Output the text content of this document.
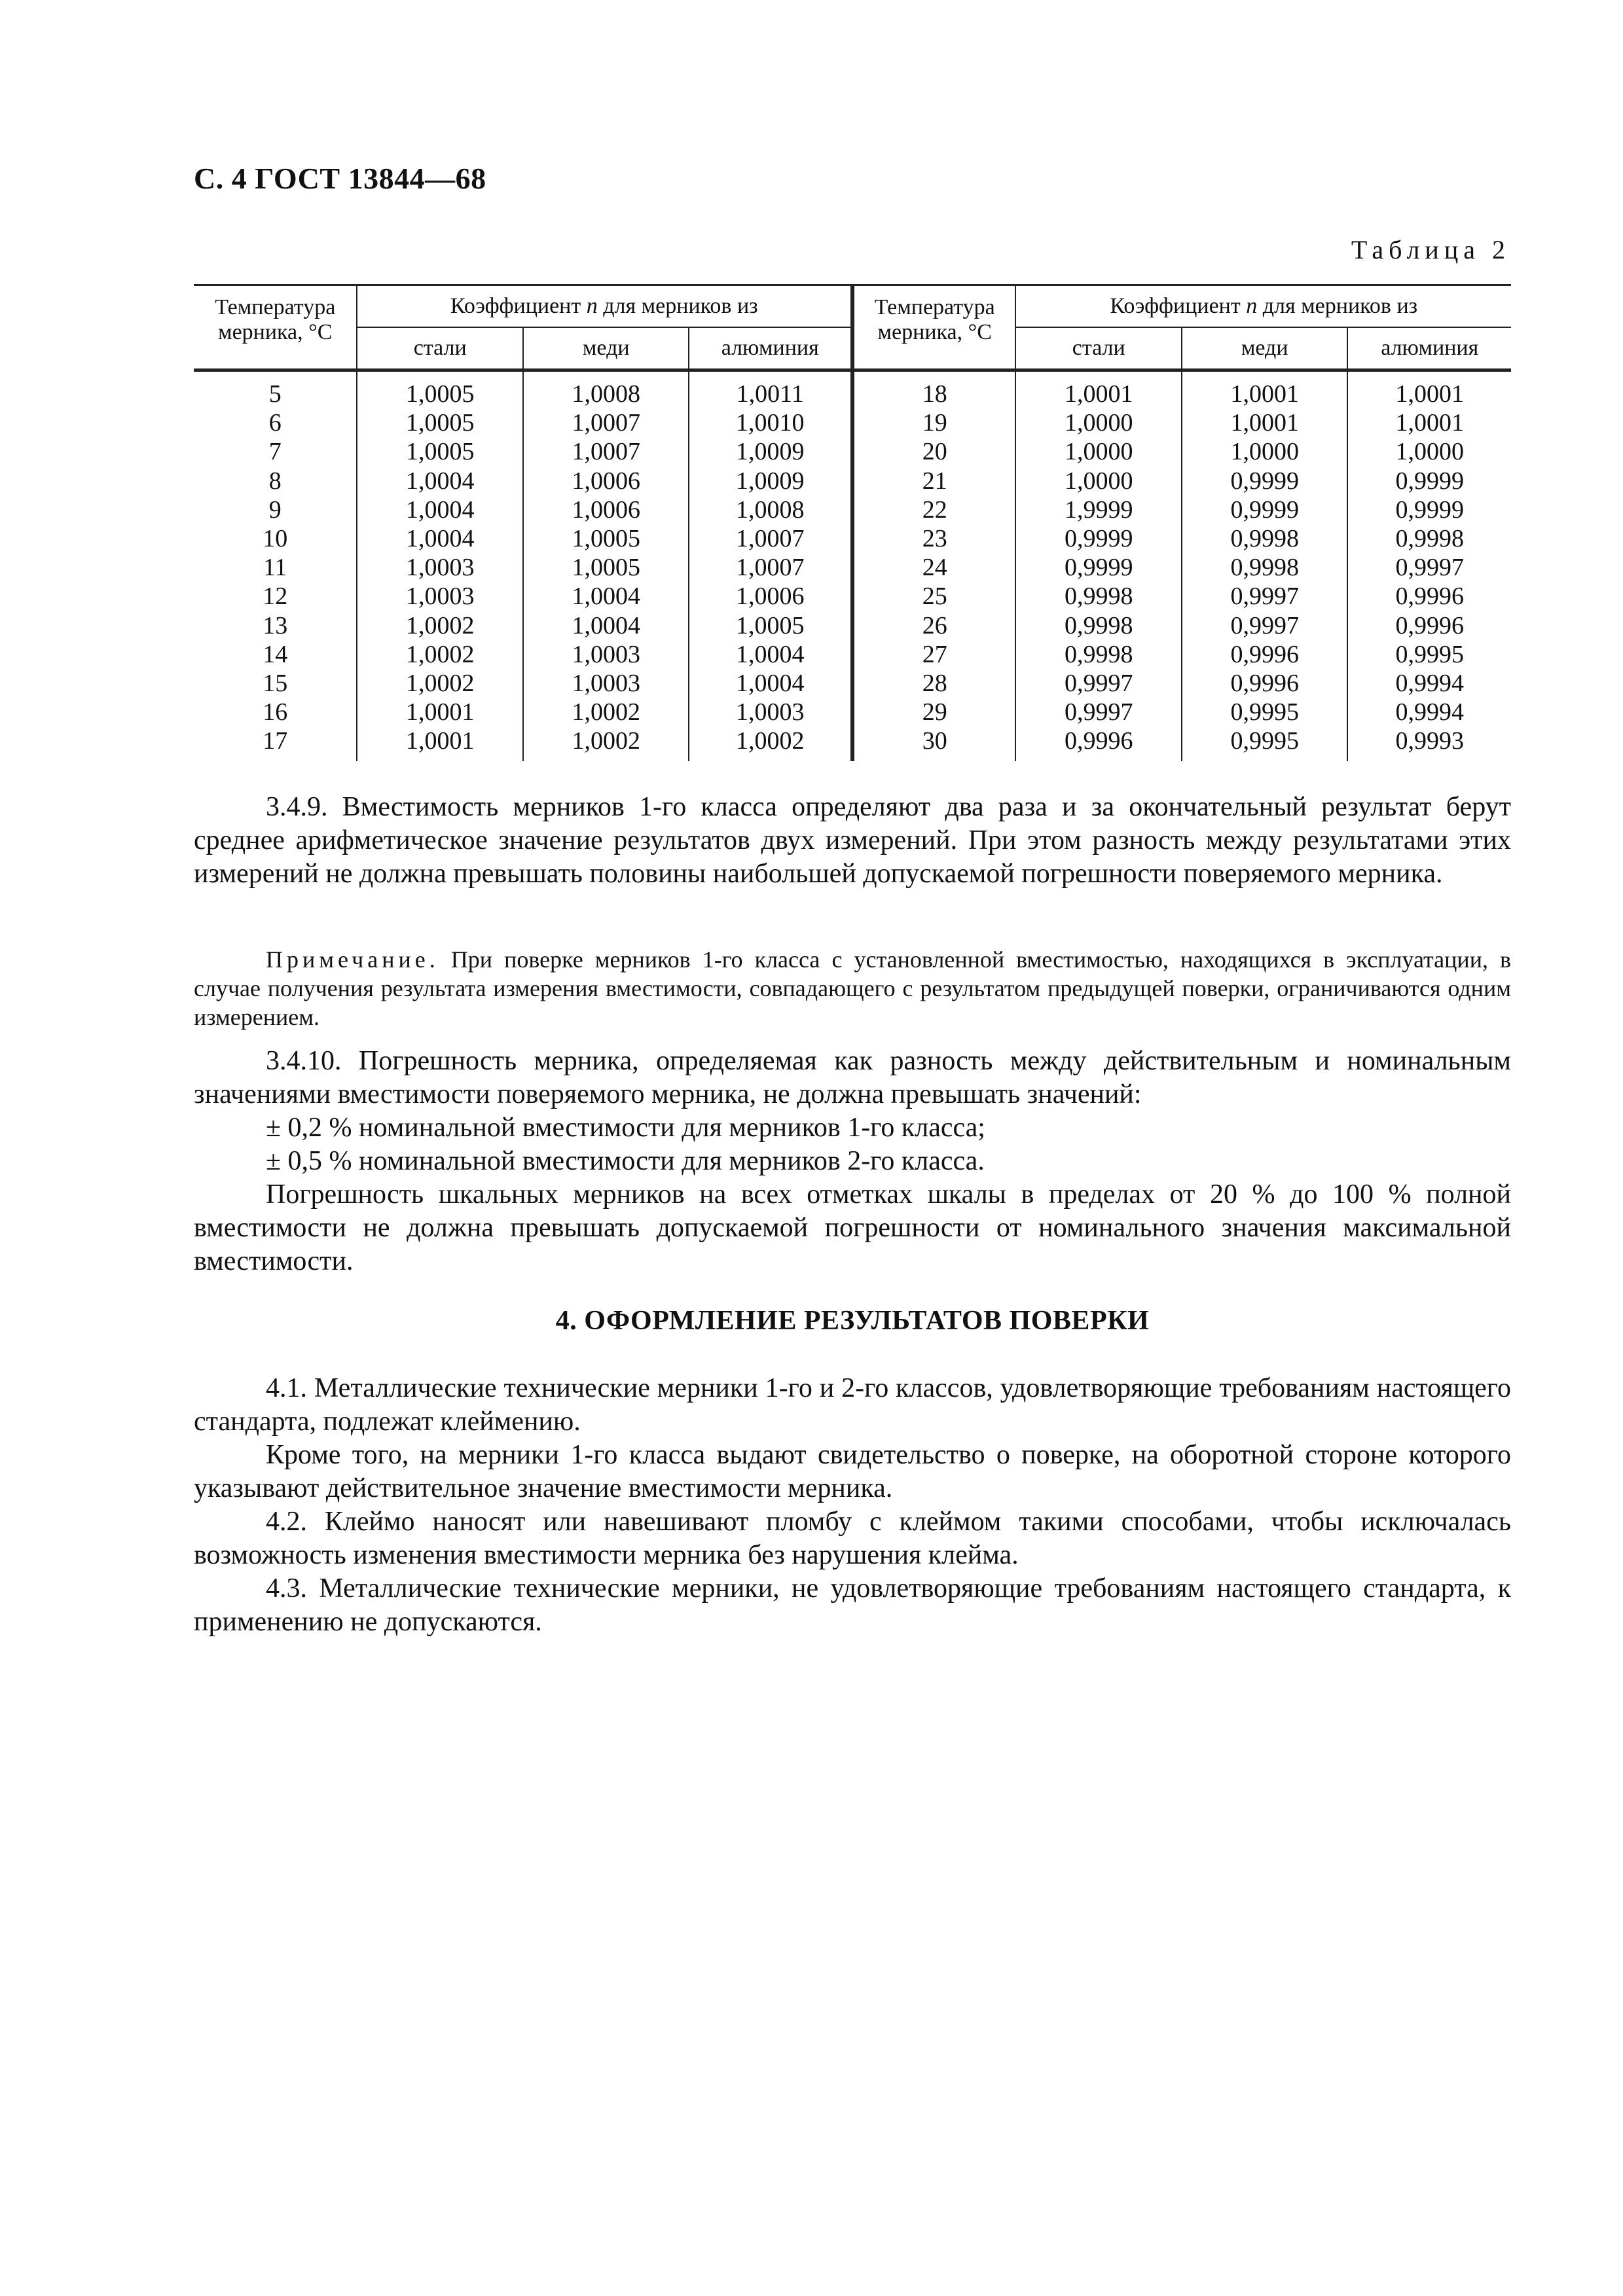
С. 4 ГОСТ 13844—68
Таблица 2
Температура мерника, °С	Коэффициент n для мерников из			Температура мерника, °С	Коэффициент n для мерников из		
	стали	меди	алюминия		стали	меди	алюминия
5	1,0005	1,0008	1,0011	18	1,0001	1,0001	1,0001
6	1,0005	1,0007	1,0010	19	1,0000	1,0001	1,0001
7	1,0005	1,0007	1,0009	20	1,0000	1,0000	1,0000
8	1,0004	1,0006	1,0009	21	1,0000	0,9999	0,9999
9	1,0004	1,0006	1,0008	22	1,9999	0,9999	0,9999
10	1,0004	1,0005	1,0007	23	0,9999	0,9998	0,9998
11	1,0003	1,0005	1,0007	24	0,9999	0,9998	0,9997
12	1,0003	1,0004	1,0006	25	0,9998	0,9997	0,9996
13	1,0002	1,0004	1,0005	26	0,9998	0,9997	0,9996
14	1,0002	1,0003	1,0004	27	0,9998	0,9996	0,9995
15	1,0002	1,0003	1,0004	28	0,9997	0,9996	0,9994
16	1,0001	1,0002	1,0003	29	0,9997	0,9995	0,9994
17	1,0001	1,0002	1,0002	30	0,9996	0,9995	0,9993

3.4.9. Вместимость мерников 1-го класса определяют два раза и за окончательный результат берут среднее арифметическое значение результатов двух измерений. При этом разность между результатами этих измерений не должна превышать половины наибольшей допускаемой погрешности поверяемого мерника.

Примечание. При поверке мерников 1-го класса с установленной вместимостью, находящихся в эксплуатации, в случае получения результата измерения вместимости, совпадающего с результатом предыдущей поверки, ограничиваются одним измерением.

3.4.10. Погрешность мерника, определяемая как разность между действительным и номинальным значениями вместимости поверяемого мерника, не должна превышать значений:

± 0,2 % номинальной вместимости для мерников 1-го класса;

± 0,5 % номинальной вместимости для мерников 2-го класса.

Погрешность шкальных мерников на всех отметках шкалы в пределах от 20 % до 100 % полной вместимости не должна превышать допускаемой погрешности от номинального значения максимальной вместимости.

4. ОФОРМЛЕНИЕ РЕЗУЛЬТАТОВ ПОВЕРКИ

4.1. Металлические технические мерники 1-го и 2-го классов, удовлетворяющие требованиям настоящего стандарта, подлежат клеймению.

Кроме того, на мерники 1-го класса выдают свидетельство о поверке, на оборотной стороне которого указывают действительное значение вместимости мерника.

4.2. Клеймо наносят или навешивают пломбу с клеймом такими способами, чтобы исключалась возможность изменения вместимости мерника без нарушения клейма.

4.3. Металлические технические мерники, не удовлетворяющие требованиям настоящего стандарта, к применению не допускаются.
